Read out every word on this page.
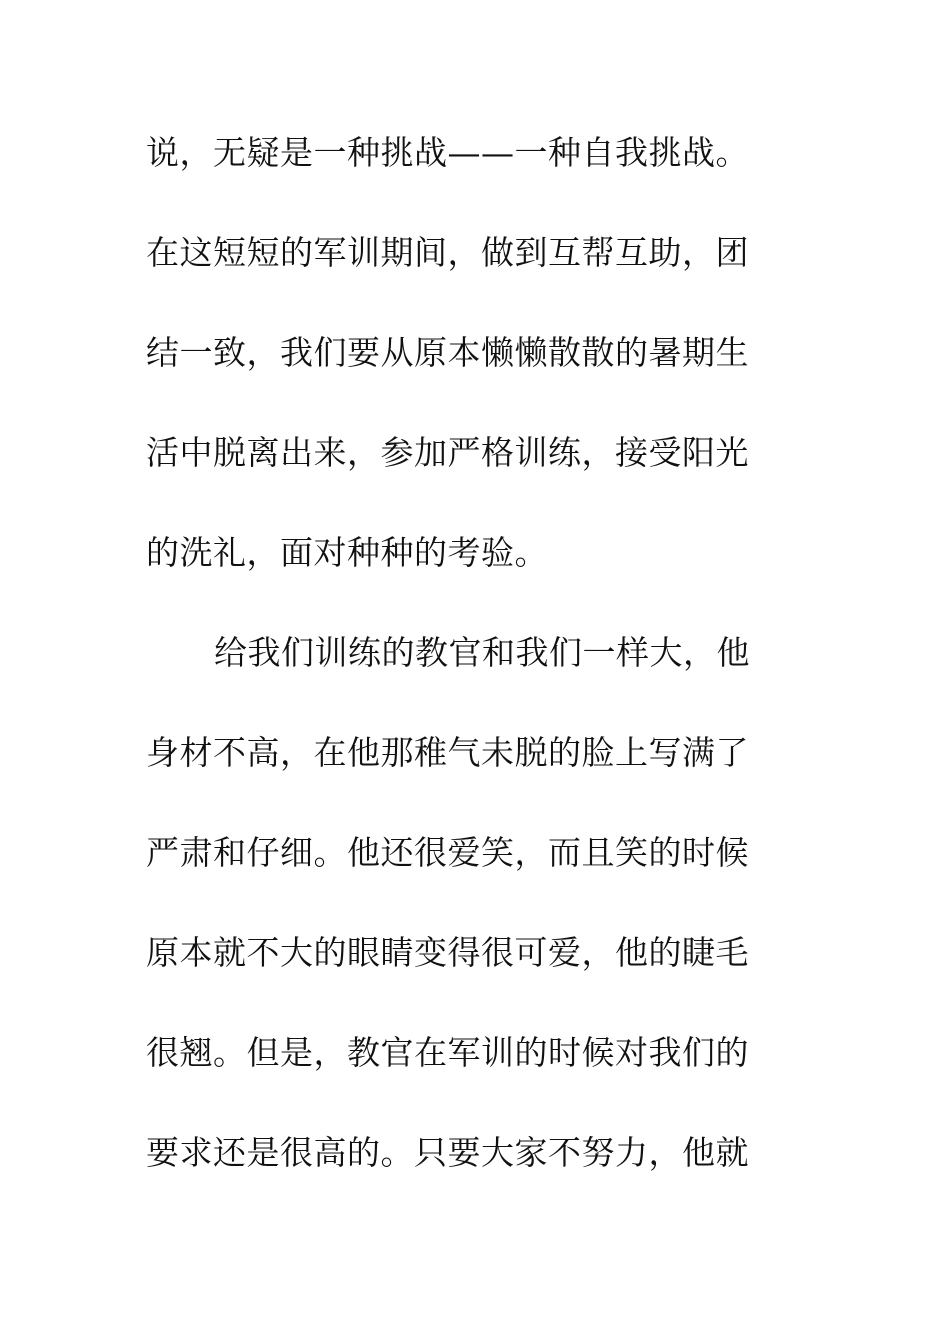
说，无疑是一种挑战——一种自我挑战。
在这短短的军训期间，做到互帮互助，团
结一致，我们要从原本懒懒散散的暑期生
活中脱离出来，参加严格训练，接受阳光
的洗礼，面对种种的考验。
给我们训练的教官和我们一样大，他
身材不高，在他那稚气未脱的脸上写满了
严肃和仔细。他还很爱笑，而且笑的时候
原本就不大的眼睛变得很可爱，他的睫毛
很翘。但是，教官在军训的时候对我们的
要求还是很高的。只要大家不努力，他就
